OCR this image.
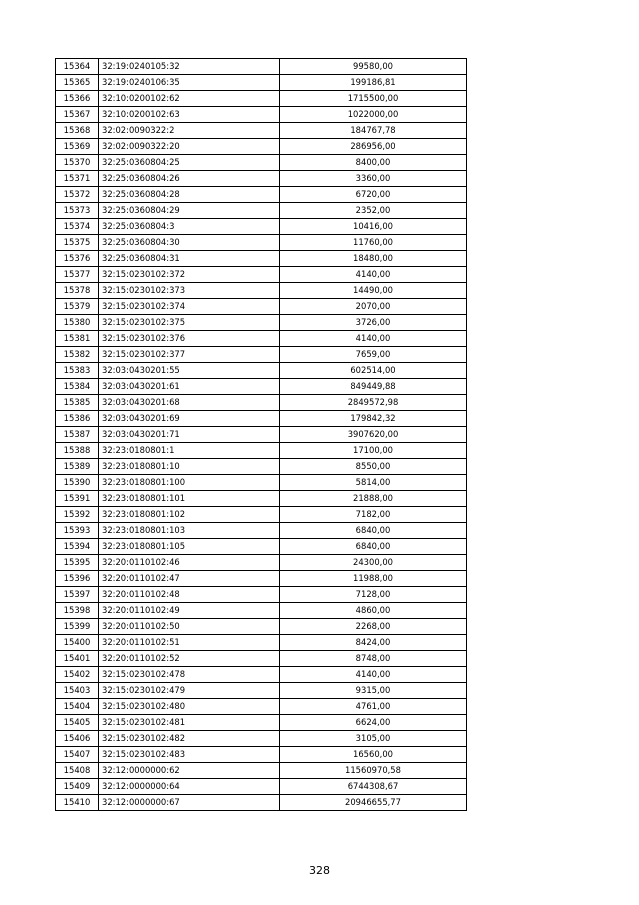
15364	32:19:0240105:32	99580,00
15365	32:19:0240106:35	199186,81
15366	32:10:0200102:62	1715500,00
15367	32:10:0200102:63	1022000,00
15368	32:02:0090322:2	184767,78
15369	32:02:0090322:20	286956,00
15370	32:25:0360804:25	8400,00
15371	32:25:0360804:26	3360,00
15372	32:25:0360804:28	6720,00
15373	32:25:0360804:29	2352,00
15374	32:25:0360804:3	10416,00
15375	32:25:0360804:30	11760,00
15376	32:25:0360804:31	18480,00
15377	32:15:0230102:372	4140,00
15378	32:15:0230102:373	14490,00
15379	32:15:0230102:374	2070,00
15380	32:15:0230102:375	3726,00
15381	32:15:0230102:376	4140,00
15382	32:15:0230102:377	7659,00
15383	32:03:0430201:55	602514,00
15384	32:03:0430201:61	849449,88
15385	32:03:0430201:68	2849572,98
15386	32:03:0430201:69	179842,32
15387	32:03:0430201:71	3907620,00
15388	32:23:0180801:1	17100,00
15389	32:23:0180801:10	8550,00
15390	32:23:0180801:100	5814,00
15391	32:23:0180801:101	21888,00
15392	32:23:0180801:102	7182,00
15393	32:23:0180801:103	6840,00
15394	32:23:0180801:105	6840,00
15395	32:20:0110102:46	24300,00
15396	32:20:0110102:47	11988,00
15397	32:20:0110102:48	7128,00
15398	32:20:0110102:49	4860,00
15399	32:20:0110102:50	2268,00
15400	32:20:0110102:51	8424,00
15401	32:20:0110102:52	8748,00
15402	32:15:0230102:478	4140,00
15403	32:15:0230102:479	9315,00
15404	32:15:0230102:480	4761,00
15405	32:15:0230102:481	6624,00
15406	32:15:0230102:482	3105,00
15407	32:15:0230102:483	16560,00
15408	32:12:0000000:62	11560970,58
15409	32:12:0000000:64	6744308,67
15410	32:12:0000000:67	20946655,77
328
